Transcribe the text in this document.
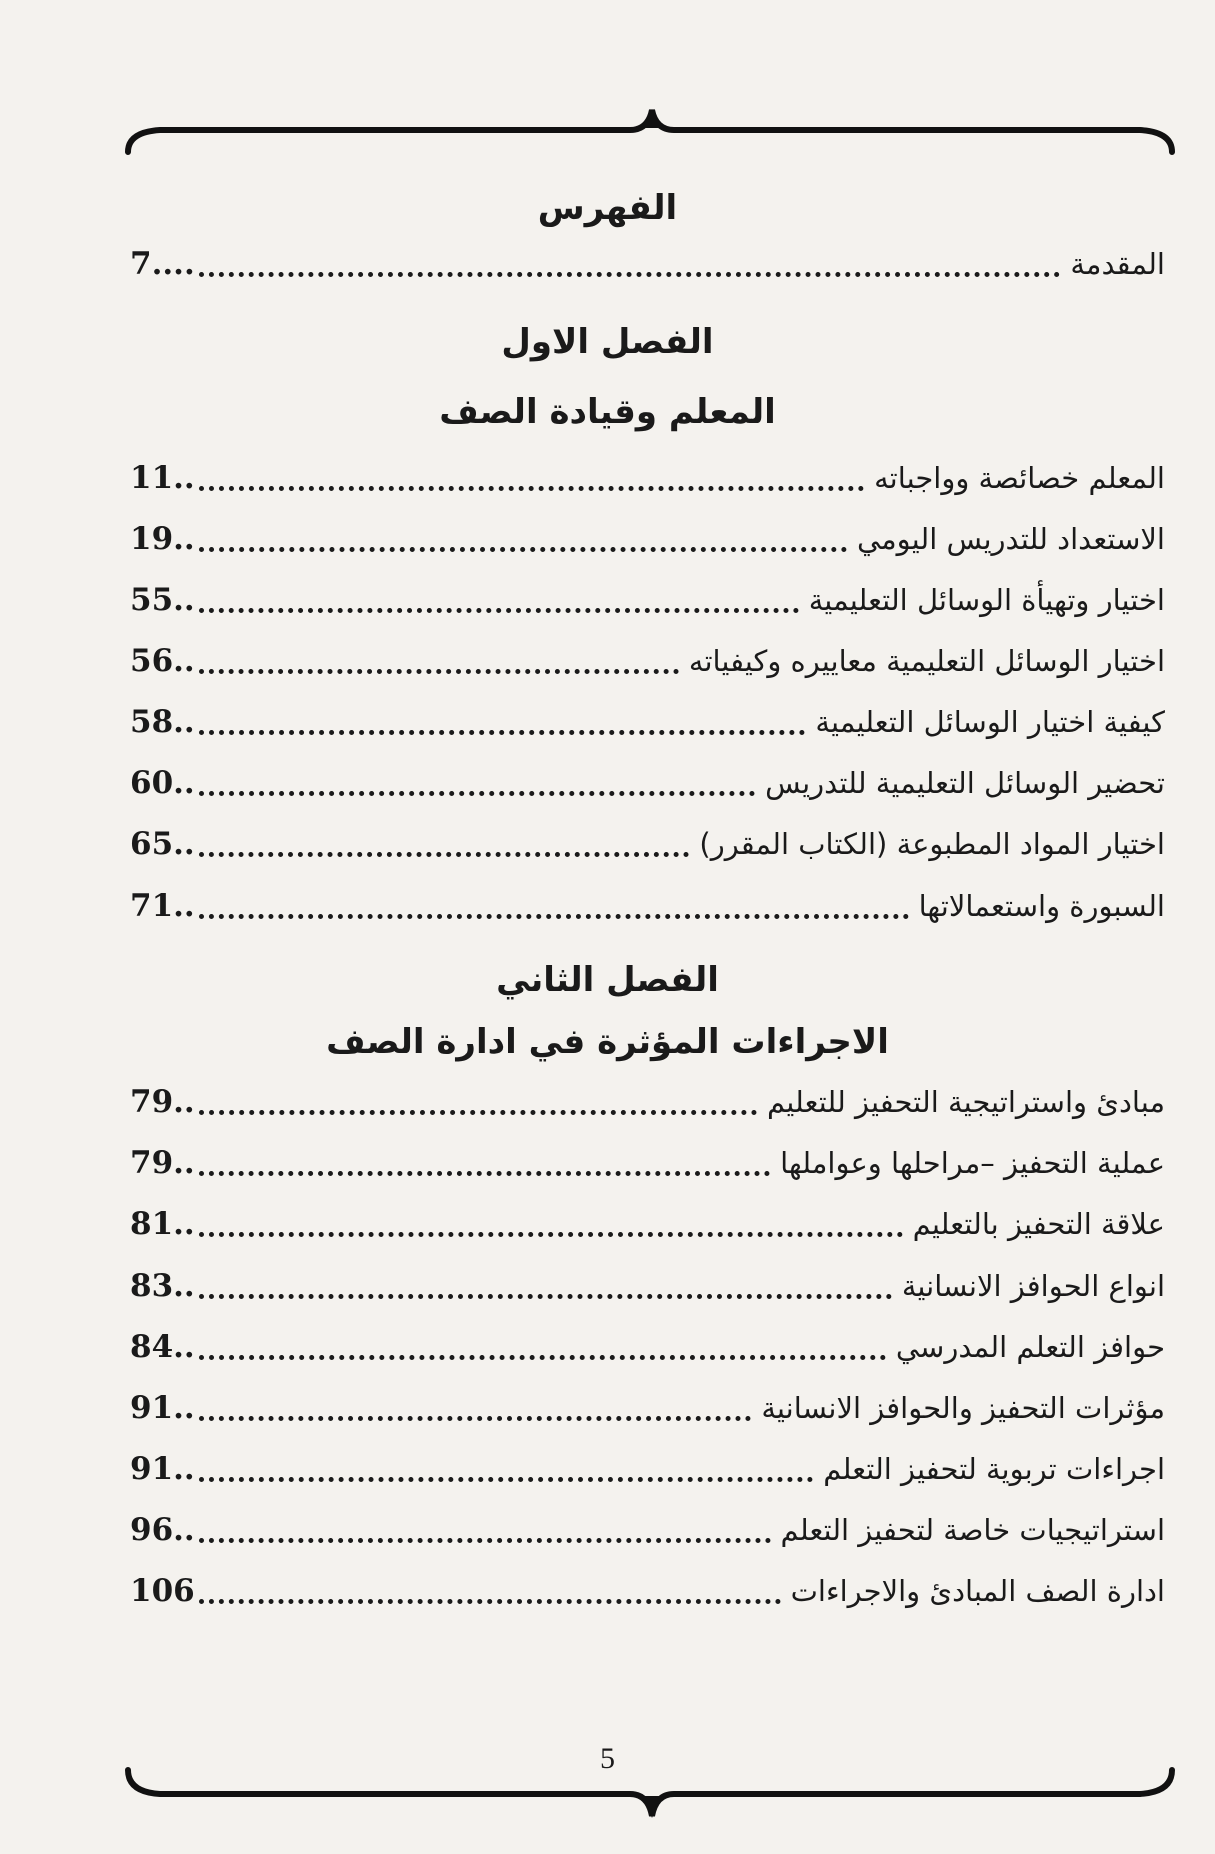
الفهرس
المقدمة
7....
الفصل الاول
المعلم وقيادة الصف
المعلم خصائصة وواجباته
11..
الاستعداد للتدريس اليومي
19..
اختيار وتهيأة الوسائل التعليمية
55..
اختيار الوسائل التعليمية معاييره وكيفياته
56..
كيفية اختيار الوسائل التعليمية
58..
تحضير الوسائل التعليمية للتدريس
60..
اختيار المواد المطبوعة (الكتاب المقرر)
65..
السبورة واستعمالاتها
71..
الفصل الثاني
الاجراءات المؤثرة في ادارة الصف
مبادئ واستراتيجية التحفيز للتعليم
79..
عملية التحفيز –مراحلها وعواملها
79..
علاقة التحفيز بالتعليم
81..
انواع الحوافز الانسانية
83..
حوافز التعلم المدرسي
84..
مؤثرات التحفيز والحوافز الانسانية
91..
اجراءات تربوية لتحفيز التعلم
91..
استراتيجيات خاصة لتحفيز التعلم
96..
ادارة الصف المبادئ والاجراءات
106
5
